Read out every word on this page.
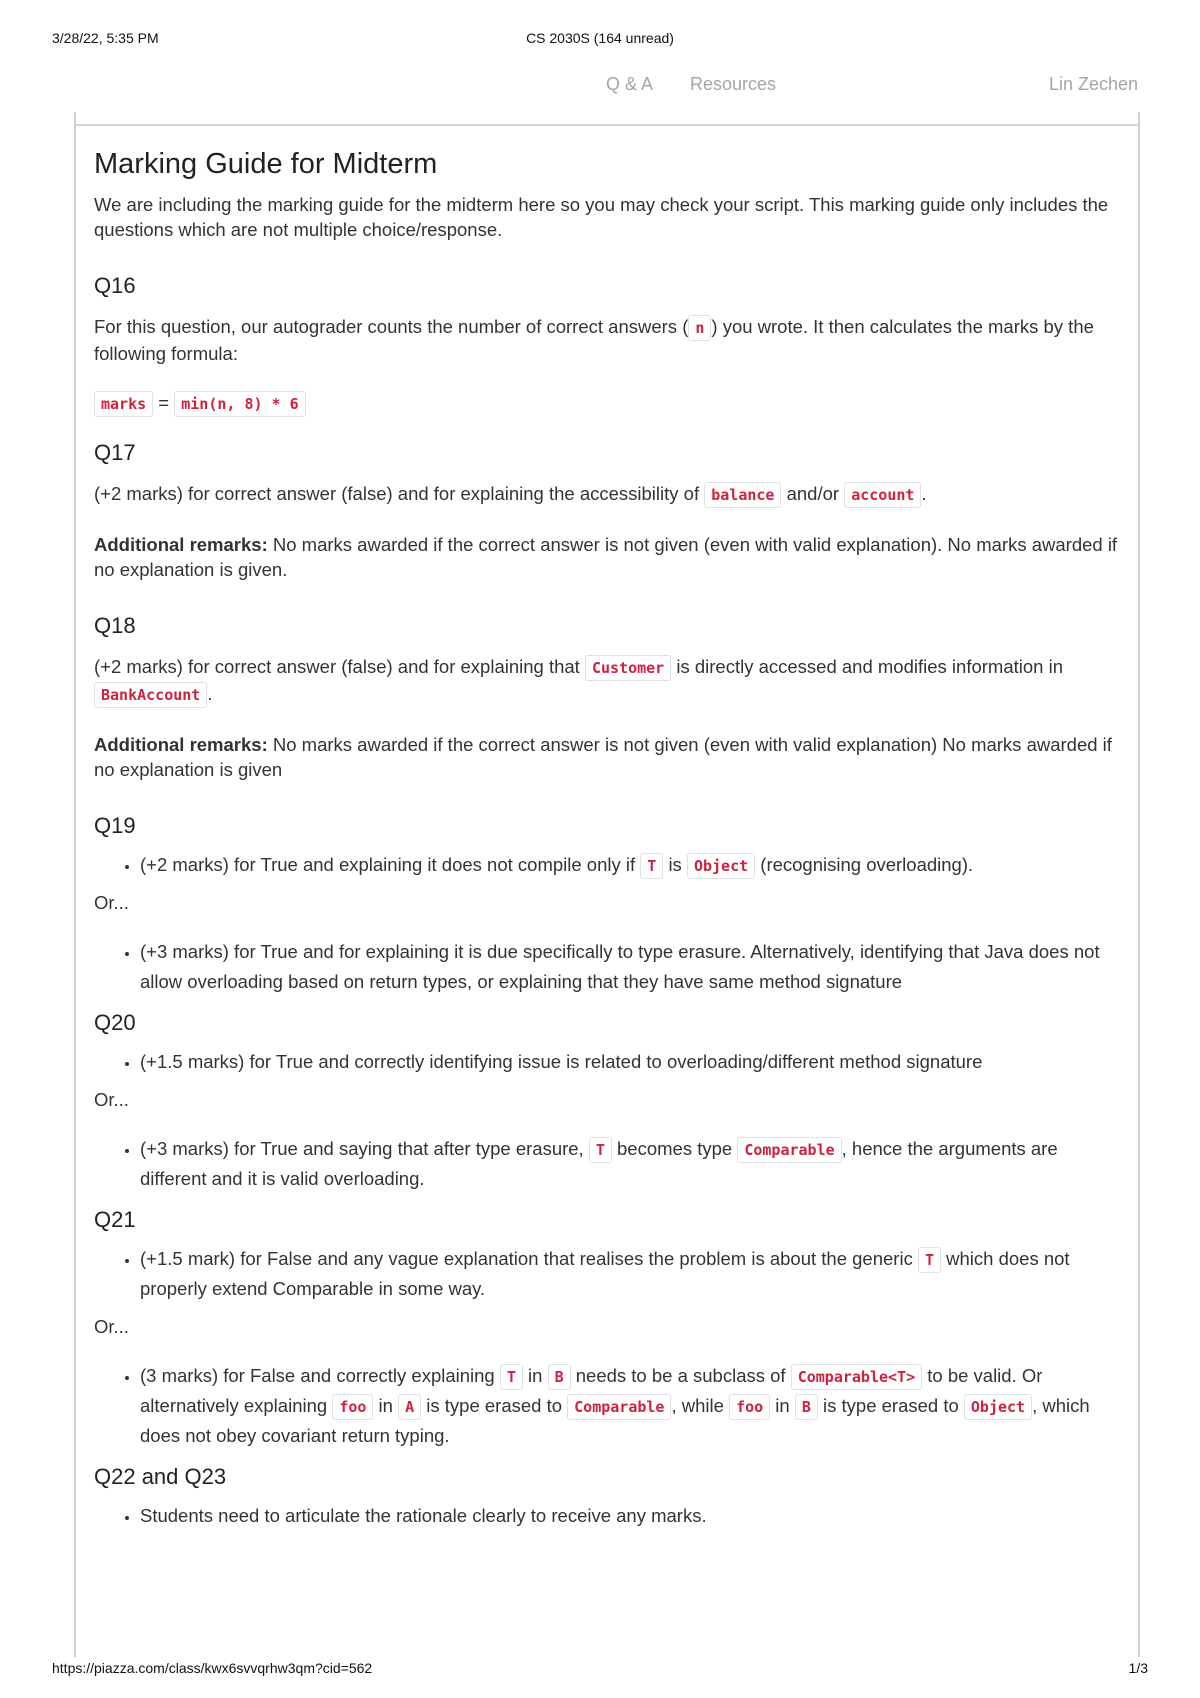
3/28/22, 5:35 PM	CS 2030S (164 unread)
Q & A Resources	Lin Zechen
Marking Guide for Midterm

We are including the marking guide for the midterm here so you may check your script. This marking guide only includes the questions which are not multiple choice/response.

Q16

For this question, our autograder counts the number of correct answers ( n ) you wrote. It then calculates the marks by the following formula:

marks = min(n, 8) * 6

Q17

(+2 marks) for correct answer (false) and for explaining the accessibility of balance and/or account .

Additional remarks: No marks awarded if the correct answer is not given (even with valid explanation). No marks awarded if no explanation is given.

Q18

(+2 marks) for correct answer (false) and for explaining that Customer is directly accessed and modifies information in BankAccount .

Additional remarks: No marks awarded if the correct answer is not given (even with valid explanation) No marks awarded if no explanation is given

Q19
• (+2 marks) for True and explaining it does not compile only if T is Object (recognising overloading).

Or...

• (+3 marks) for True and for explaining it is due specifically to type erasure. Alternatively, identifying that Java does not allow overloading based on return types, or explaining that they have same method signature
Q20
• (+1.5 marks) for True and correctly identifying issue is related to overloading/different method signature

Or...

• (+3 marks) for True and saying that after type erasure, T becomes type Comparable , hence the arguments are different and it is valid overloading.
Q21
• (+1.5 mark) for False and any vague explanation that realises the problem is about the generic T which does not properly extend Comparable in some way.

Or...

• (3 marks) for False and correctly explaining T in B needs to be a subclass of Comparable<T> to be valid. Or alternatively explaining foo in A is type erased to Comparable , while foo in B is type erased to Object , which does not obey covariant return typing.
Q22 and Q23
• Students need to articulate the rationale clearly to receive any marks.
https://piazza.com/class/kwx6svvqrhw3qm?cid=562	1/3
